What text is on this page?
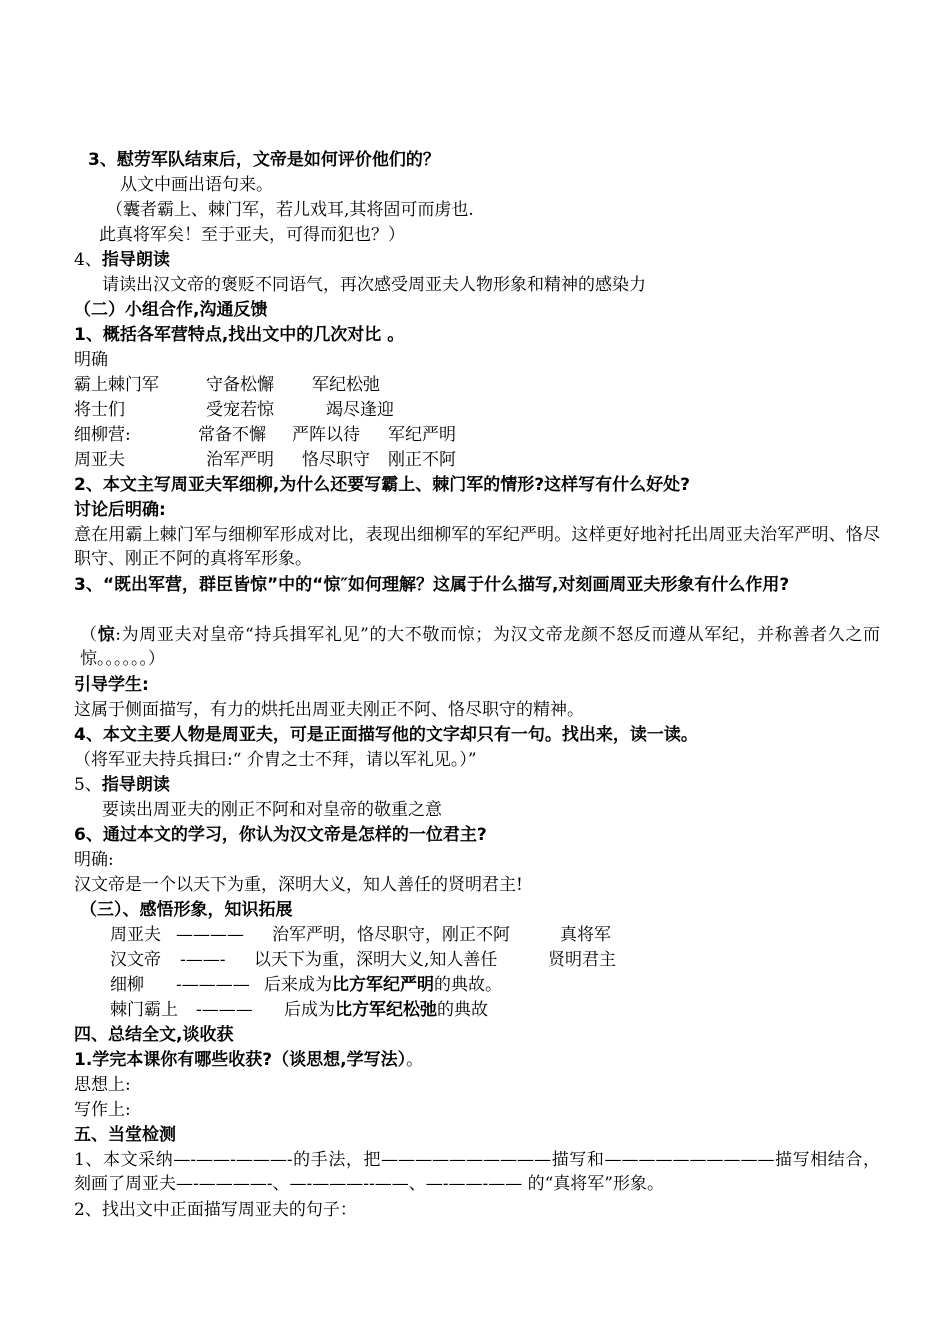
3、慰劳军队结束后，文帝是如何评价他们的？
从文中画出语句来。
（囊者霸上、棘门军，若儿戏耳,其将固可而虏也.
此真将军矣！至于亚夫，可得而犯也？）
4、指导朗读
请读出汉文帝的褒贬不同语气，再次感受周亚夫人物形象和精神的感染力
（二）小组合作,沟通反馈
1、概括各军营特点,找出文中的几次对比 。
明确
霸上棘门军	守备松懈 军纪松弛
将士们	受宠若惊	竭尽逢迎
细柳营:	常备不懈 严阵以待 军纪严明
周亚夫	治军严明 恪尽职守 刚正不阿
2、本文主写周亚夫军细柳,为什么还要写霸上、棘门军的情形?这样写有什么好处?
讨论后明确:
意在用霸上棘门军与细柳军形成对比，表现出细柳军的军纪严明。这样更好地衬托出周亚夫治军严明、恪尽职守、刚正不阿的真将军形象。
3、“既出军营，群臣皆惊”中的“惊″如何理解？这属于什么描写,对刻画周亚夫形象有什么作用?
（惊:为周亚夫对皇帝“持兵揖军礼见”的大不敬而惊；为汉文帝龙颜不怒反而遵从军纪，并称善者久之而惊。。。。。。）
引导学生:
这属于侧面描写，有力的烘托出周亚夫刚正不阿、恪尽职守的精神。
4、本文主要人物是周亚夫，可是正面描写他的文字却只有一句。找出来，读一读。
（将军亚夫持兵揖曰:“ 介胄之士不拜，请以军礼见。）”
5、指导朗读
要读出周亚夫的刚正不阿和对皇帝的敬重之意
6、通过本文的学习，你认为汉文帝是怎样的一位君主?
明确:
汉文帝是一个以天下为重，深明大义，知人善任的贤明君主!
（三）、感悟形象，知识拓展
周亚夫 ———— 治军严明，恪尽职守，刚正不阿	真将军
汉文帝 -——- 以天下为重，深明大义,知人善任	贤明君主
细柳 -———— 后来成为比方军纪严明的典故。
棘门霸上 -——— 后成为比方军纪松弛的典故
四、总结全文,谈收获
1.学完本课你有哪些收获?（谈思想,学写法）。
思想上:
写作上:
五、当堂检测
1、本文采纳—-——-———-的手法，把——————————描写和——————————描写相结合，刻画了周亚夫—-————-、—-———--——、—-——-—— 的“真将军”形象。
2、找出文中正面描写周亚夫的句子：
